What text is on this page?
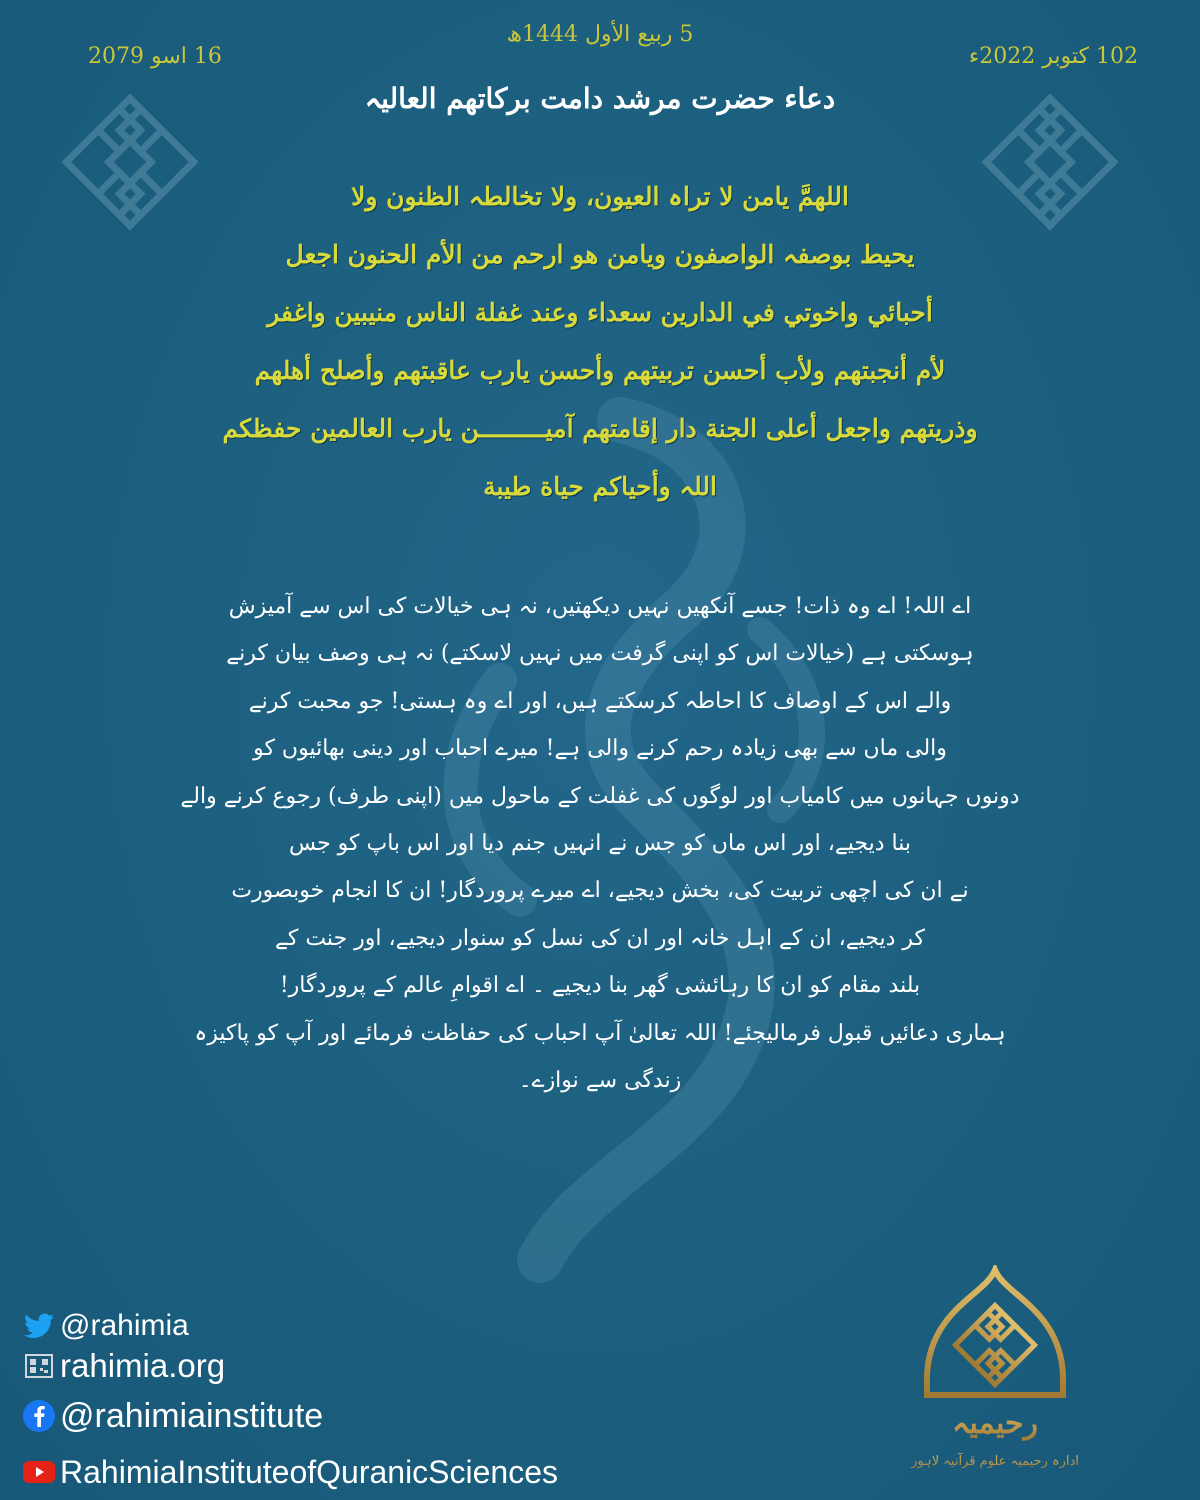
5 ربیع الأول 1444ھ
102 کتوبر 2022ء
16 اسو 2079
دعاء حضرت مرشد دامت برکاتھم العالیہ
اللھمَّ یامن لا تراہ العیون، ولا تخالطہ الظنون ولا
یحیط بوصفہ الواصفون ویامن ھو ارحم من الأم الحنون اجعل
أحبائي واخوتي في الدارین سعداء وعند غفلة الناس منیبین واغفر
لأم أنجبتھم ولأب أحسن تربیتھم وأحسن یارب عاقبتھم وأصلح أھلھم
وذریتھم واجعل أعلی الجنة دار إقامتھم آمیـــــــــن یارب العالمین حفظکم
اللہ وأحیاکم حیاة طیبة
اے اللہ! اے وہ ذات! جسے آنکھیں نہیں دیکھتیں، نہ ہی خیالات کی اس سے آمیزش
ہوسکتی ہے (خیالات اس کو اپنی گرفت میں نہیں لاسکتے) نہ ہی وصف بیان کرنے
والے اس کے اوصاف کا احاطہ کرسکتے ہیں، اور اے وہ ہستی! جو محبت کرنے
والی ماں سے بھی زیادہ رحم کرنے والی ہے! میرے احباب اور دینی بھائیوں کو
دونوں جہانوں میں کامیاب اور لوگوں کی غفلت کے ماحول میں (اپنی طرف) رجوع کرنے والے
بنا دیجیے، اور اس ماں کو جس نے انہیں جنم دیا اور اس باپ کو جس
نے ان کی اچھی تربیت کی، بخش دیجیے، اے میرے پروردگار! ان کا انجام خوبصورت
کر دیجیے، ان کے اہل خانہ اور ان کی نسل کو سنوار دیجیے، اور جنت کے
بلند مقام کو ان کا رہائشی گھر بنا دیجیے ۔ اے اقوامِ عالم کے پروردگار!
ہماری دعائیں قبول فرمالیجئے! اللہ تعالیٰ آپ احباب کی حفاظت فرمائے اور آپ کو پاکیزہ
زندگی سے نوازے۔
@rahimia
rahimia.org
@rahimiainstitute
RahimiaInstituteofQuranicSciences
رحیمیہ
ادارہ رحیمیہ علوم قرآنیہ لاہور
